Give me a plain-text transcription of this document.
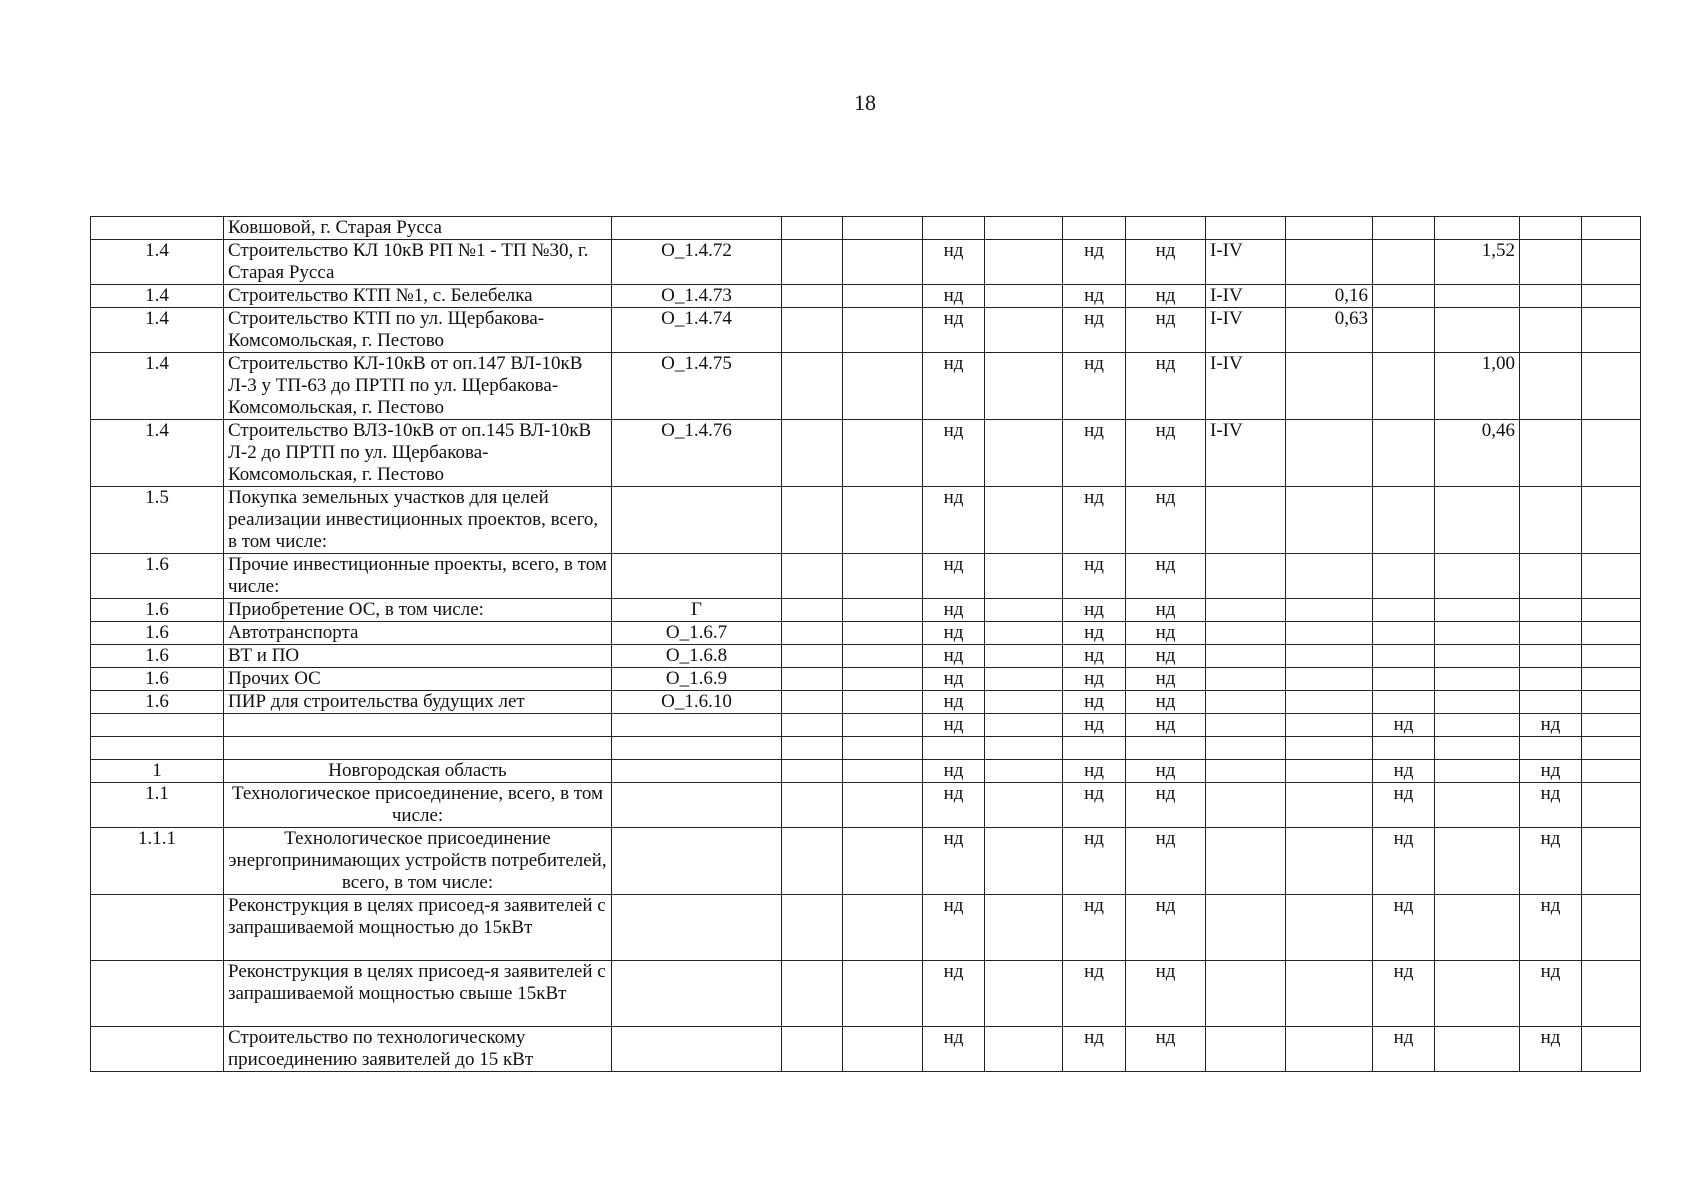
18
	Ковшовой, г. Старая Русса													
1.4	Строительство КЛ 10кВ РП №1 - ТП №30, г. Старая Русса	О_1.4.72			нд		нд	нд	I-IV			1,52		
1.4	Строительство КТП №1, с. Белебелка	О_1.4.73			нд		нд	нд	I-IV	0,16				
1.4	Строительство КТП по ул. Щербакова-Комсомольская, г. Пестово	О_1.4.74			нд		нд	нд	I-IV	0,63				
1.4	Строительство КЛ-10кВ от оп.147 ВЛ-10кВ Л-3 у ТП-63 до ПРТП по ул. Щербакова-Комсомольская, г. Пестово	О_1.4.75			нд		нд	нд	I-IV			1,00		
1.4	Строительство ВЛЗ-10кВ от оп.145 ВЛ-10кВ Л-2 до ПРТП по ул. Щербакова-Комсомольская, г. Пестово	О_1.4.76			нд		нд	нд	I-IV			0,46		
1.5	Покупка земельных участков для целей реализации инвестиционных проектов, всего, в том числе:				нд		нд	нд						
1.6	Прочие инвестиционные проекты, всего, в том числе:				нд		нд	нд						
1.6	Приобретение ОС, в том числе:	Г			нд		нд	нд						
1.6	Автотранспорта	О_1.6.7			нд		нд	нд						
1.6	ВТ и ПО	О_1.6.8			нд		нд	нд						
1.6	Прочих ОС	О_1.6.9			нд		нд	нд						
1.6	ПИР для строительства будущих лет	О_1.6.10			нд		нд	нд						
					нд		нд	нд			нд		нд	

1	Новгородская область				нд		нд	нд			нд		нд	
1.1	Технологическое присоединение, всего, в том числе:				нд		нд	нд			нд		нд	
1.1.1	Технологическое присоединение энергопринимающих устройств потребителей, всего, в том числе:				нд		нд	нд			нд		нд	
	Реконструкция в целях присоед-я заявителей с запрашиваемой мощностью до 15кВт				нд		нд	нд			нд		нд	
	Реконструкция в целях присоед-я заявителей с запрашиваемой мощностью свыше 15кВт				нд		нд	нд			нд		нд	
	Строительство по технологическому присоединению заявителей до 15 кВт				нд		нд	нд			нд		нд	
